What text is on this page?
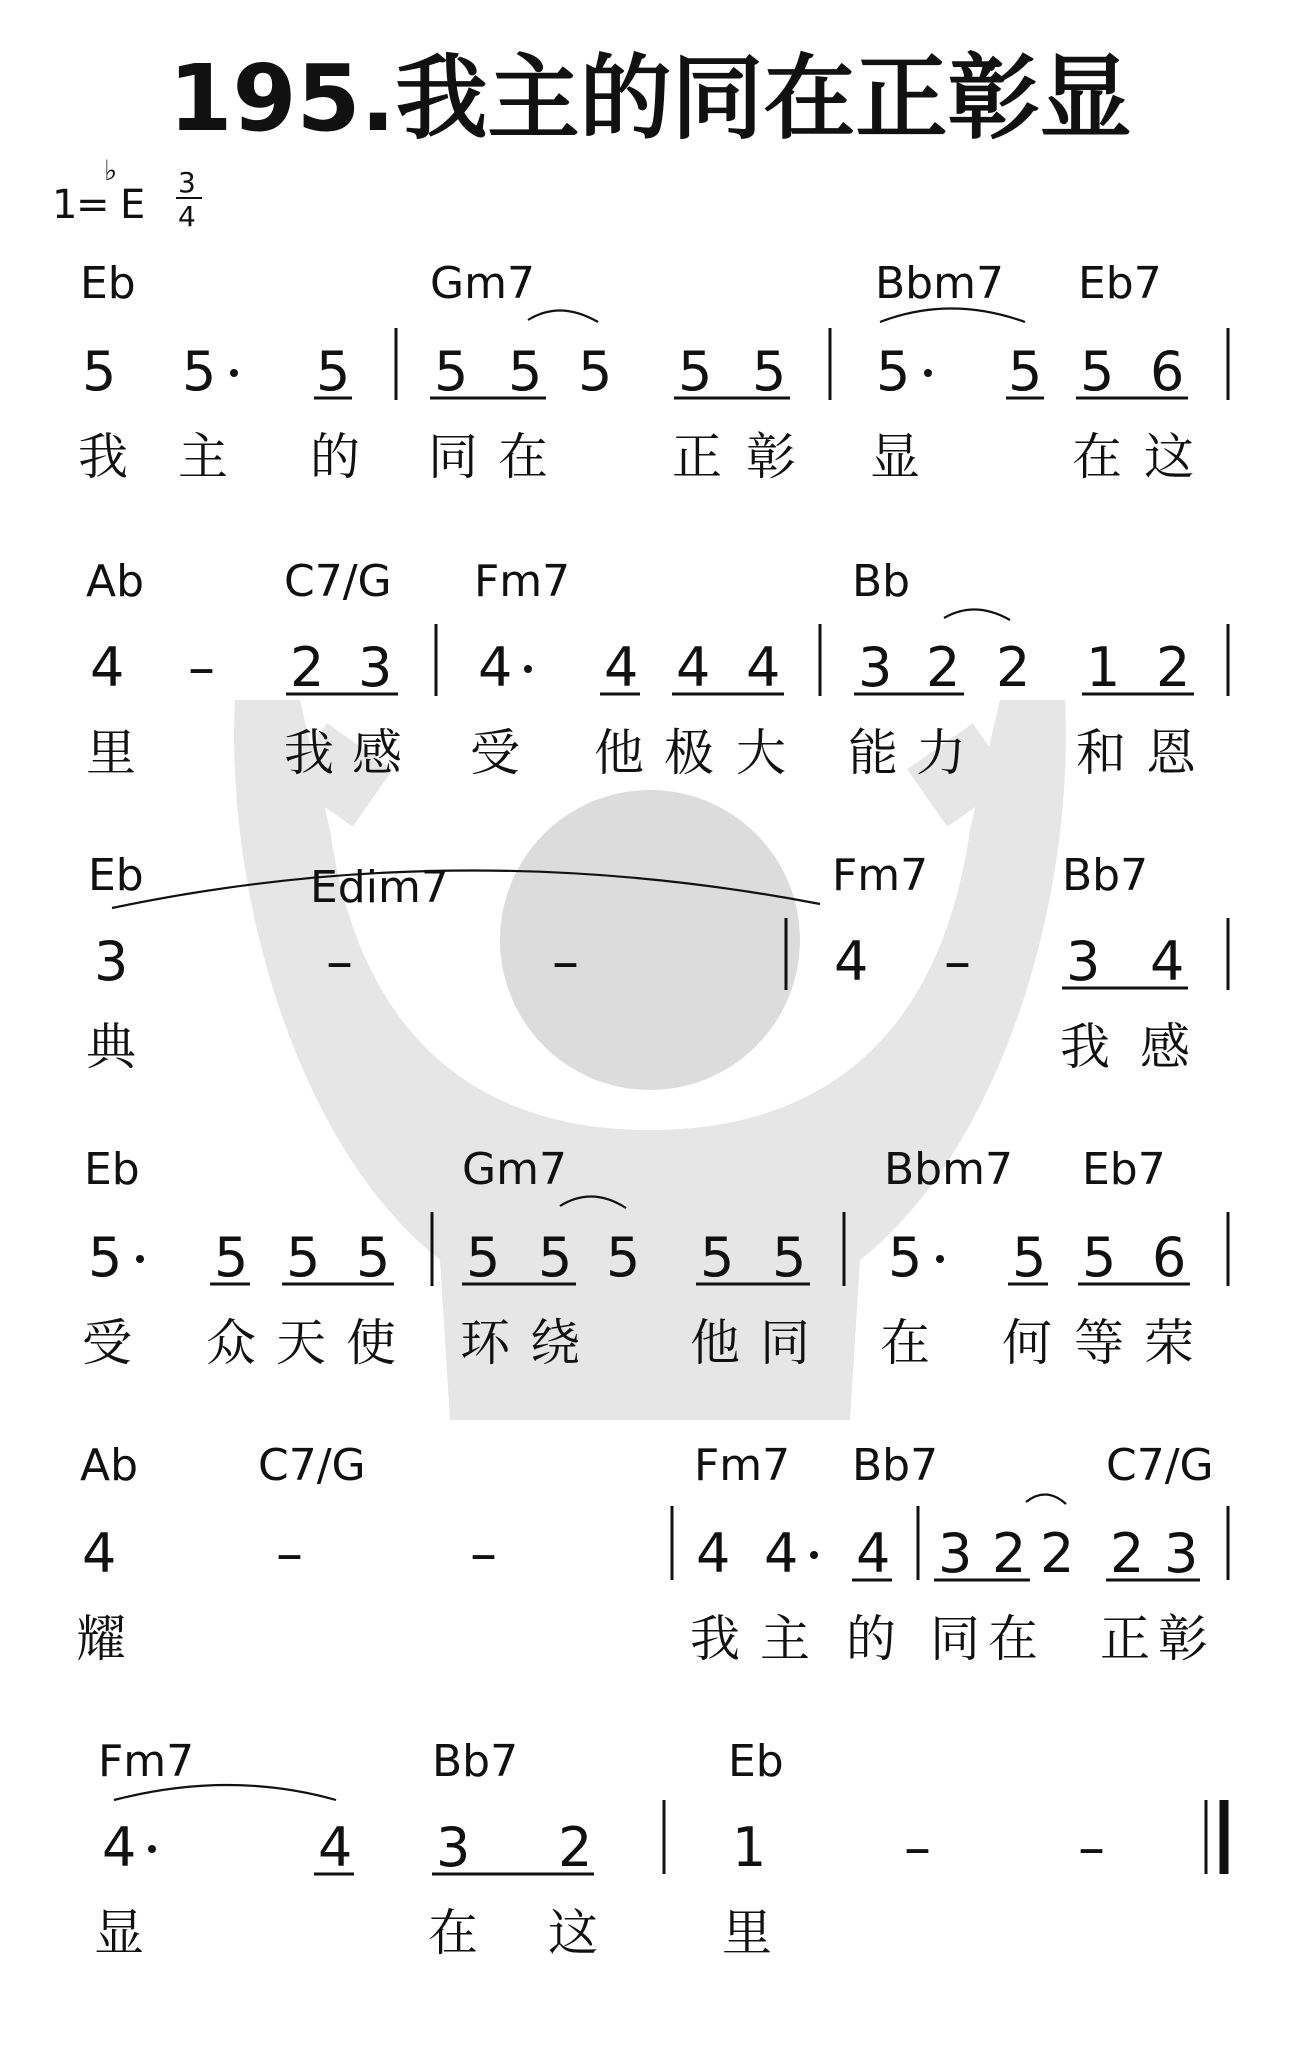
195.我主的同在正彰显
1
=
♭
E 3
4
Eb	Gm7	Bbm7 Eb7
5 5 5 5 5 5 5 5 5 5 5 6
我 主 的 同 在 正 彰 显	在 这
Ab	C7/G Fm7	Bb
4 – 2 3 4 4 4 4 3 2 2 1 2
里	我 感 受 他 极 大 能 力 和 恩
Eb	Edim7	Fm7	Bb7
3	–	–	4 – 3 4
典	我 感
Eb	Gm7	Bbm7 Eb7
5 5 5 5 5 5 5 5 5 5 5 5 6
受 众 天 使 环 绕 他 同 在 何 等 荣
Ab	C7/G	Fm7 Bb7	C7/G
4	–	–	4 4 4 3 2 2 2 3
耀	我 主 的 同 在 正 彰
Fm7	Bb7	Eb
4	4 3 2	1	–	–
显	在 这 里
